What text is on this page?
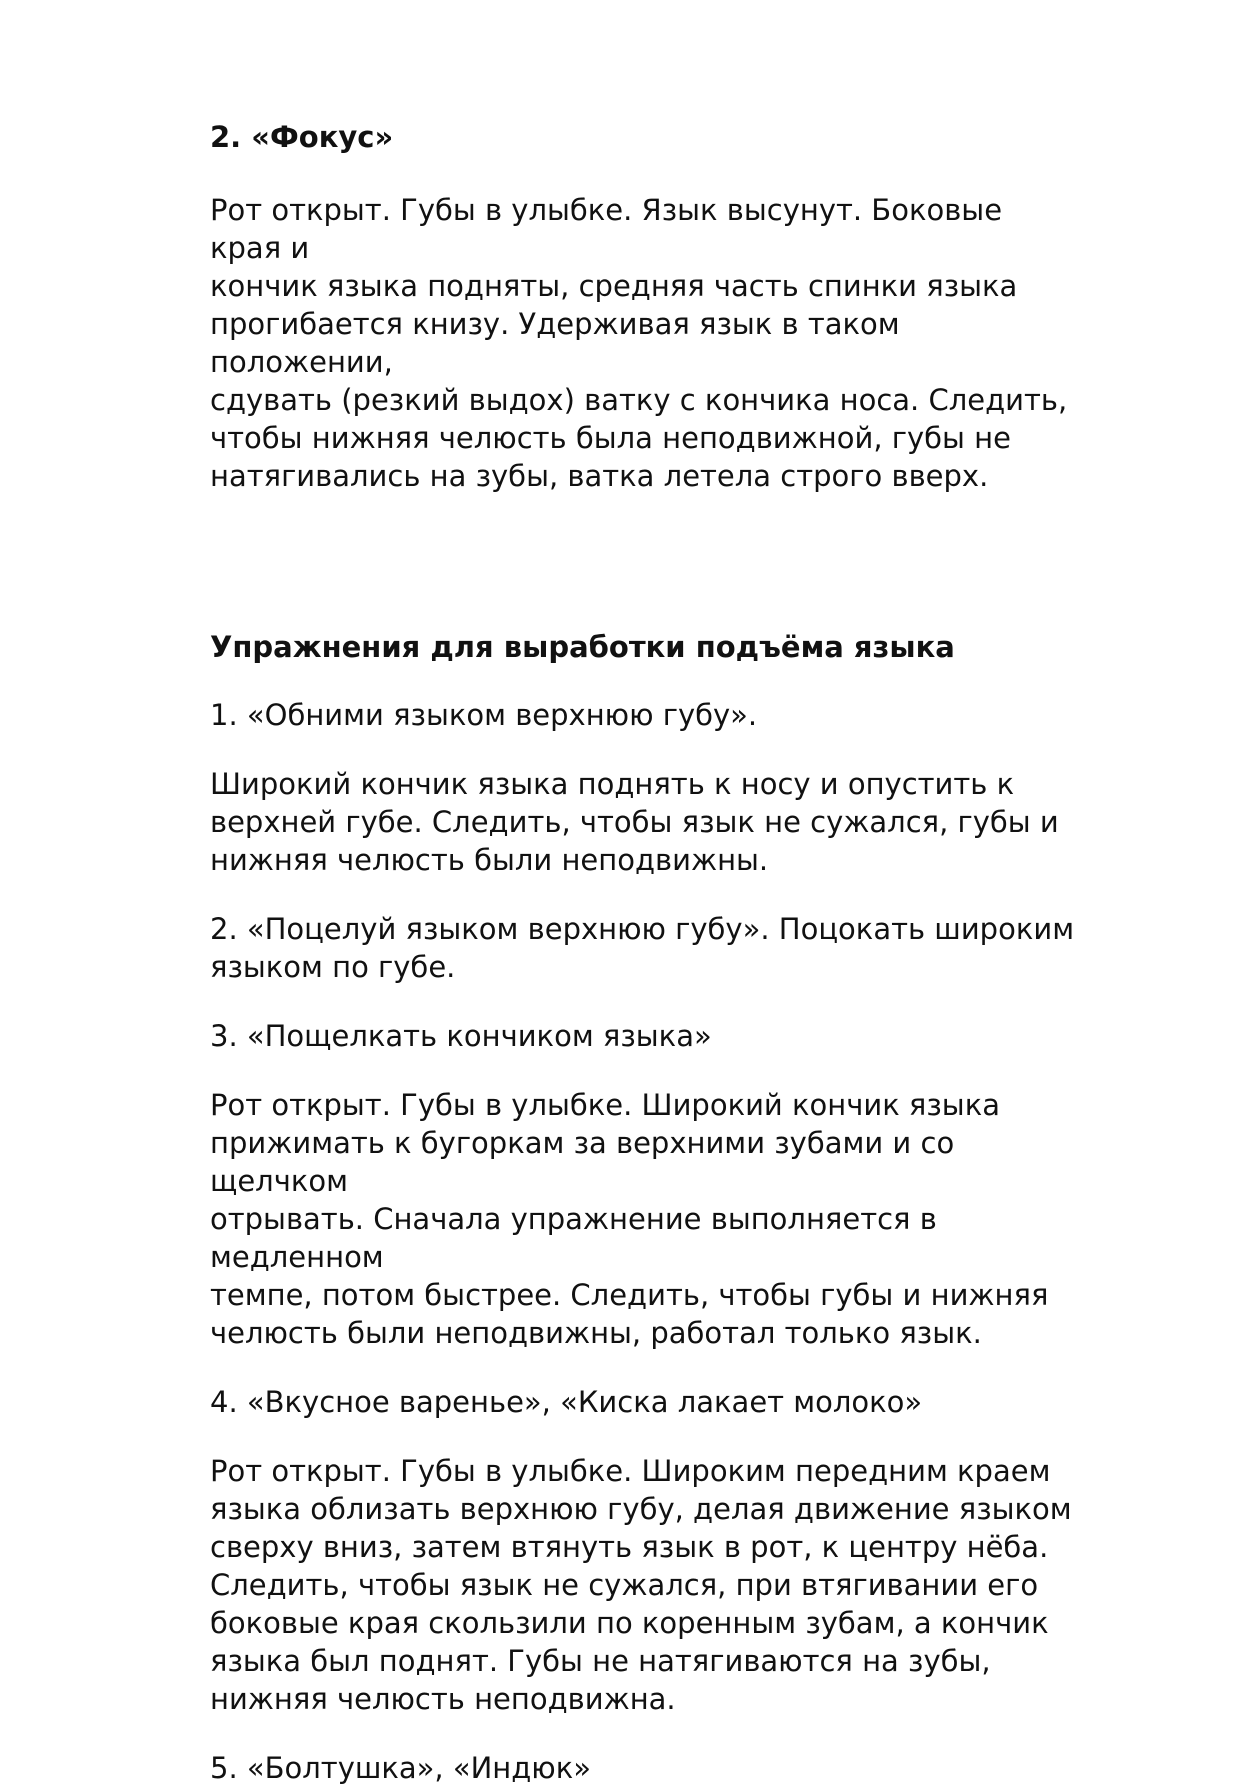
2. «Фокус»

Рот открыт. Губы в улыбке. Язык высунут. Боковые края и
кончик языка подняты, средняя часть спинки языка
прогибается книзу. Удерживая язык в таком положении,
сдувать (резкий выдох) ватку с кончика носа. Следить,
чтобы нижняя челюсть была неподвижной, губы не
натягивались на зубы, ватка летела строго вверх.

Упражнения для выработки подъёма языка

1. «Обними языком верхнюю губу».

Широкий кончик языка поднять к носу и опустить к
верхней губе. Следить, чтобы язык не сужался, губы и
нижняя челюсть были неподвижны.

2. «Поцелуй языком верхнюю губу». Поцокать широким
языком по губе.

3. «Пощелкать кончиком языка»

Рот открыт. Губы в улыбке. Широкий кончик языка
прижимать к бугоркам за верхними зубами и со щелчком
отрывать. Сначала упражнение выполняется в медленном
темпе, потом быстрее. Следить, чтобы губы и нижняя
челюсть были неподвижны, работал только язык.

4. «Вкусное варенье», «Киска лакает молоко»

Рот открыт. Губы в улыбке. Широким передним краем
языка облизать верхнюю губу, делая движение языком
сверху вниз, затем втянуть язык в рот, к центру нёба.
Следить, чтобы язык не сужался, при втягивании его
боковые края скользили по коренным зубам, а кончик
языка был поднят. Губы не натягиваются на зубы,
нижняя челюсть неподвижна.

5. «Болтушка», «Индюк»
